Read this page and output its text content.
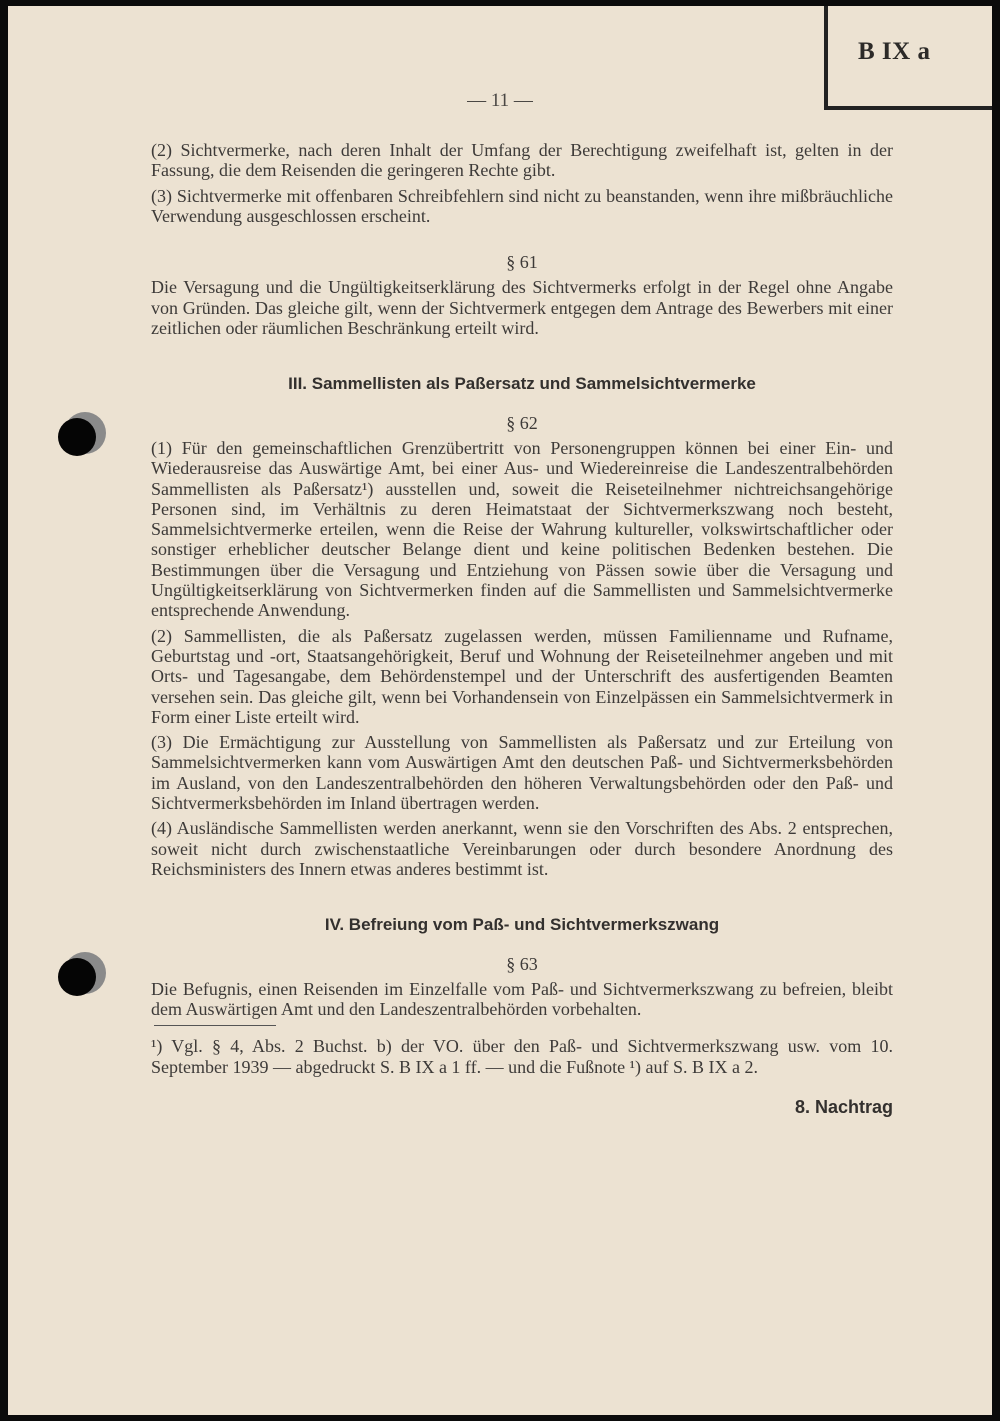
B IX a
— 11 —

(2) Sichtvermerke, nach deren Inhalt der Umfang der Berechtigung zweifelhaft ist, gelten in der Fassung, die dem Reisenden die geringeren Rechte gibt.

(3) Sichtvermerke mit offenbaren Schreibfehlern sind nicht zu beanstanden, wenn ihre mißbräuchliche Verwendung ausgeschlossen erscheint.

§ 61

Die Versagung und die Ungültigkeitserklärung des Sichtvermerks erfolgt in der Regel ohne Angabe von Gründen. Das gleiche gilt, wenn der Sichtvermerk entgegen dem Antrage des Bewerbers mit einer zeitlichen oder räumlichen Beschränkung erteilt wird.

III. Sammellisten als Paßersatz und Sammelsichtvermerke
§ 62

(1) Für den gemeinschaftlichen Grenzübertritt von Personengruppen können bei einer Ein- und Wiederausreise das Auswärtige Amt, bei einer Aus- und Wiedereinreise die Landeszentralbehörden Sammellisten als Paßersatz¹) ausstellen und, soweit die Reiseteilnehmer nichtreichsangehörige Personen sind, im Verhältnis zu deren Heimatstaat der Sichtvermerkszwang noch besteht, Sammelsichtvermerke erteilen, wenn die Reise der Wahrung kultureller, volkswirtschaftlicher oder sonstiger erheblicher deutscher Belange dient und keine politischen Bedenken bestehen. Die Bestimmungen über die Versagung und Entziehung von Pässen sowie über die Versagung und Ungültigkeitserklärung von Sichtvermerken finden auf die Sammellisten und Sammelsichtvermerke entsprechende Anwendung.

(2) Sammellisten, die als Paßersatz zugelassen werden, müssen Familienname und Rufname, Geburtstag und -ort, Staatsangehörigkeit, Beruf und Wohnung der Reiseteilnehmer angeben und mit Orts- und Tagesangabe, dem Behördenstempel und der Unterschrift des ausfertigenden Beamten versehen sein. Das gleiche gilt, wenn bei Vorhandensein von Einzelpässen ein Sammelsichtvermerk in Form einer Liste erteilt wird.

(3) Die Ermächtigung zur Ausstellung von Sammellisten als Paßersatz und zur Erteilung von Sammelsichtvermerken kann vom Auswärtigen Amt den deutschen Paß- und Sichtvermerksbehörden im Ausland, von den Landeszentralbehörden den höheren Verwaltungsbehörden oder den Paß- und Sichtvermerksbehörden im Inland übertragen werden.

(4) Ausländische Sammellisten werden anerkannt, wenn sie den Vorschriften des Abs. 2 entsprechen, soweit nicht durch zwischenstaatliche Vereinbarungen oder durch besondere Anordnung des Reichsministers des Innern etwas anderes bestimmt ist.

IV. Befreiung vom Paß- und Sichtvermerkszwang
§ 63

Die Befugnis, einen Reisenden im Einzelfalle vom Paß- und Sichtvermerkszwang zu befreien, bleibt dem Auswärtigen Amt und den Landeszentralbehörden vorbehalten.

¹) Vgl. § 4, Abs. 2 Buchst. b) der VO. über den Paß- und Sichtvermerkszwang usw. vom 10. September 1939 — abgedruckt S. B IX a 1 ff. — und die Fußnote ¹) auf S. B IX a 2.

8. Nachtrag
